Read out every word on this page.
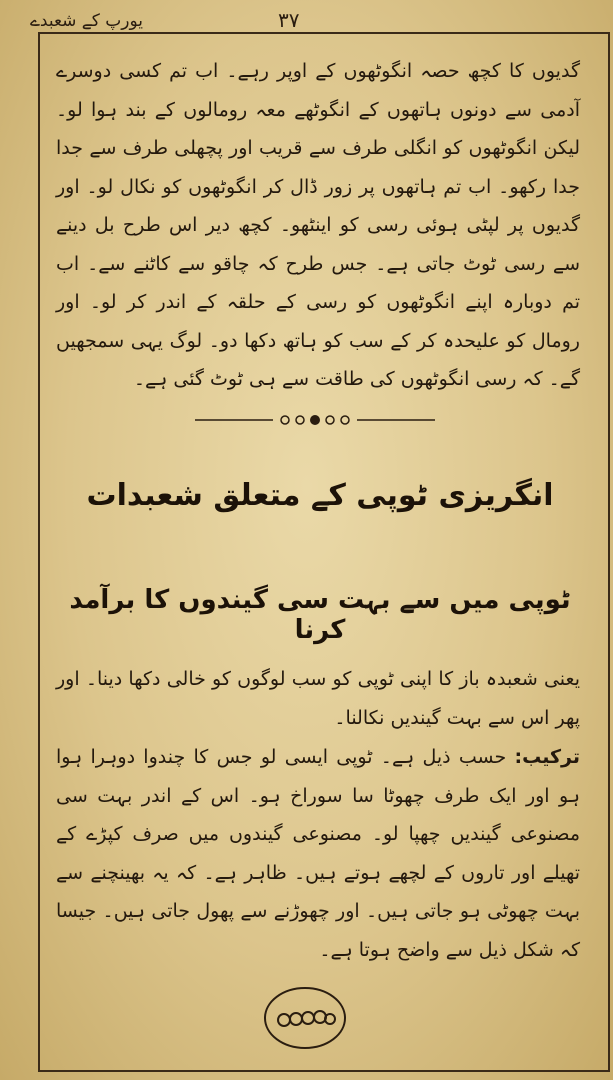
۳۷
یورپ کے شعبدے

گدیوں کا کچھ حصہ انگوٹھوں کے اوپر رہے۔ اب تم کسی دوسرے آدمی سے دونوں ہاتھوں کے انگوٹھے معہ رومالوں کے بند ہوا لو۔ لیکن انگوٹھوں کو انگلی طرف سے قریب اور پچھلی طرف سے جدا جدا رکھو۔ اب تم ہاتھوں پر زور ڈال کر انگوٹھوں کو نکال لو۔ اور گدیوں پر لپٹی ہوئی رسی کو اینٹھو۔ کچھ دیر اس طرح بل دینے سے رسی ٹوٹ جاتی ہے۔ جس طرح کہ چاقو سے کاٹنے سے۔ اب تم دوبارہ اپنے انگوٹھوں کو رسی کے حلقہ کے اندر کر لو۔ اور رومال کو علیحدہ کر کے سب کو ہاتھ دکھا دو۔ لوگ یہی سمجھیں گے۔ کہ رسی انگوٹھوں کی طاقت سے ہی ٹوٹ گئی ہے۔

انگریزی ٹوپی کے متعلق شعبدات
ٹوپی میں سے بہت سی گیندوں کا برآمد کرنا

یعنی شعبدہ باز کا اپنی ٹوپی کو سب لوگوں کو خالی دکھا دینا۔ اور پھر اس سے بہت گیندیں نکالنا۔

ترکیب: حسب ذیل ہے۔ ٹوپی ایسی لو جس کا چندوا دوہرا ہوا ہو اور ایک طرف چھوٹا سا سوراخ ہو۔ اس کے اندر بہت سی مصنوعی گیندیں چھپا لو۔ مصنوعی گیندوں میں صرف کپڑے کے تھیلے اور تاروں کے لچھے ہوتے ہیں۔ ظاہر ہے۔ کہ یہ بھینچنے سے بہت چھوٹی ہو جاتی ہیں۔ اور چھوڑنے سے پھول جاتی ہیں۔ جیسا کہ شکل ذیل سے واضح ہوتا ہے۔
